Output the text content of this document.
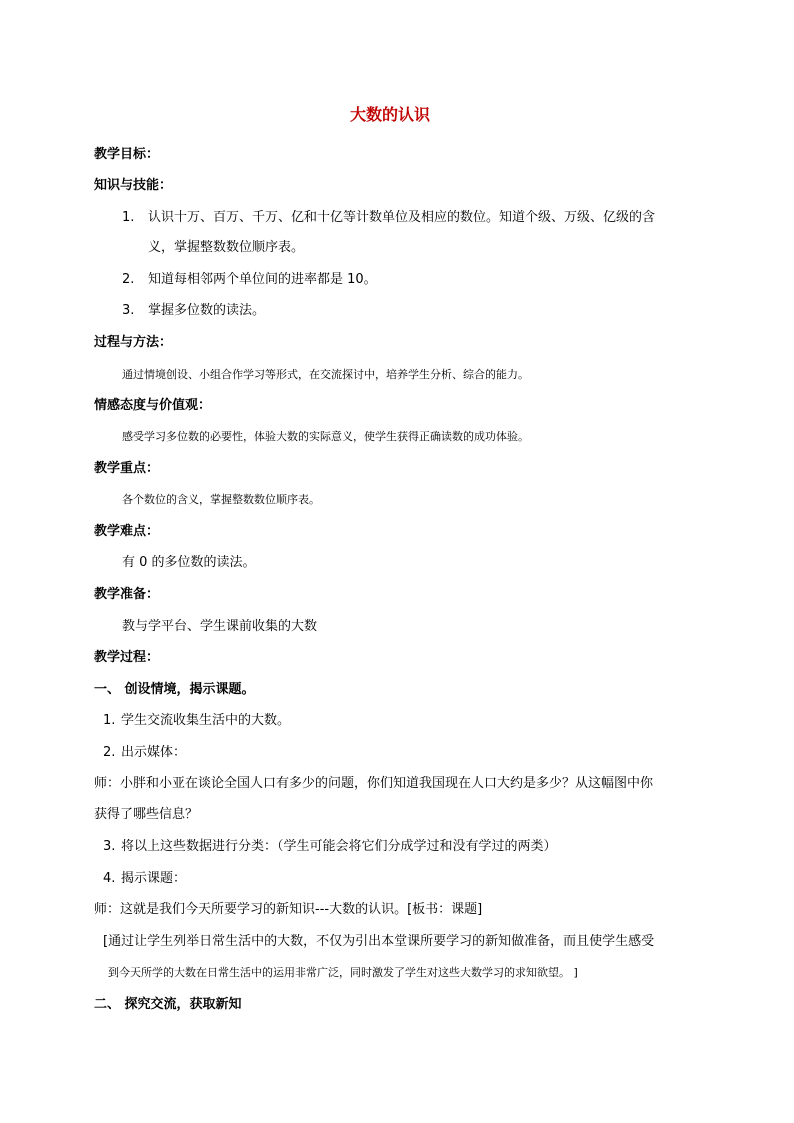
大数的认识
教学目标：
知识与技能：
1. 认识十万、百万、千万、亿和十亿等计数单位及相应的数位。知道个级、万级、亿级的含
义，掌握整数数位顺序表。
2. 知道每相邻两个单位间的进率都是 10。
3. 掌握多位数的读法。
过程与方法：
通过情境创设、小组合作学习等形式，在交流探讨中，培养学生分析、综合的能力。
情感态度与价值观：
感受学习多位数的必要性，体验大数的实际意义，使学生获得正确读数的成功体验。
教学重点：
各个数位的含义，掌握整数数位顺序表。
教学难点：
有 0 的多位数的读法。
教学准备：
教与学平台、学生课前收集的大数
教学过程：
一、 创设情境，揭示课题。
1. 学生交流收集生活中的大数。
2. 出示媒体：
师：小胖和小亚在谈论全国人口有多少的问题，你们知道我国现在人口大约是多少？从这幅图中你
获得了哪些信息？
3. 将以上这些数据进行分类：（学生可能会将它们分成学过和没有学过的两类）
4. 揭示课题：
师：这就是我们今天所要学习的新知识---大数的认识。[板书：课题]
[通过让学生列举日常生活中的大数，不仅为引出本堂课所要学习的新知做准备，而且使学生感受
到今天所学的大数在日常生活中的运用非常广泛，同时激发了学生对这些大数学习的求知欲望。 ]
二、 探究交流，获取新知
